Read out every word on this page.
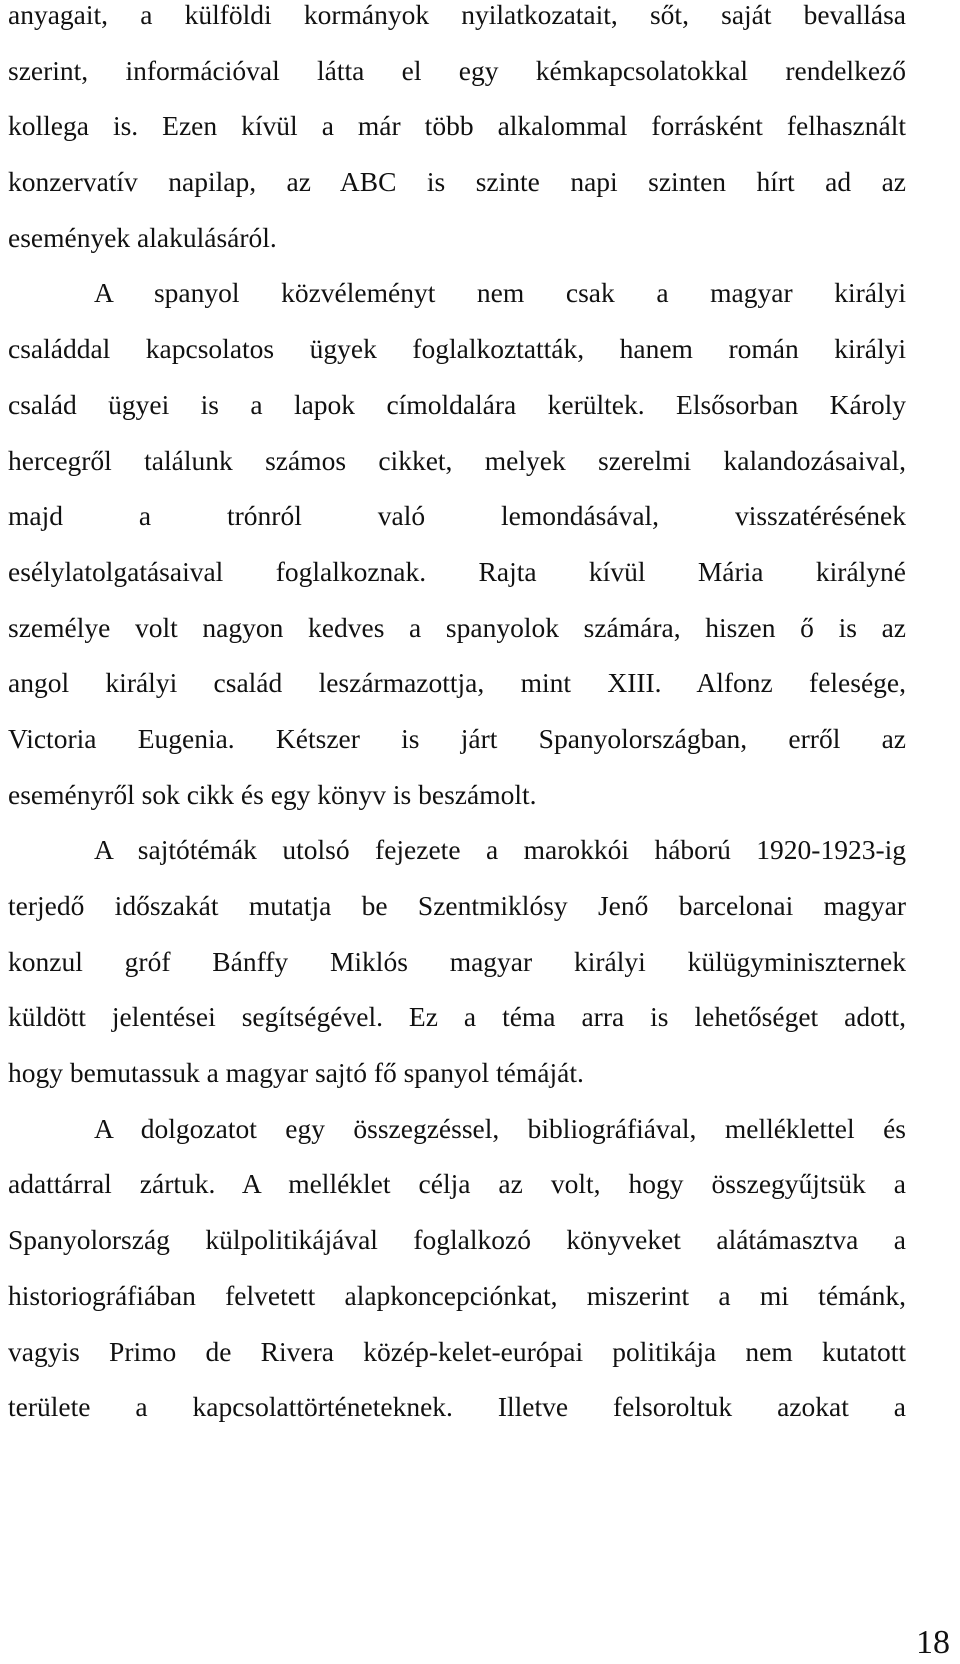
anyagait, a külföldi kormányok nyilatkozatait, sőt, saját bevallása
szerint, információval látta el egy kémkapcsolatokkal rendelkező
kollega is. Ezen kívül a már több alkalommal forrásként felhasznált
konzervatív napilap, az ABC is szinte napi szinten hírt ad az
események alakulásáról.
A spanyol közvéleményt nem csak a magyar királyi
családdal kapcsolatos ügyek foglalkoztatták, hanem román királyi
család ügyei is a lapok címoldalára kerültek. Elsősorban Károly
hercegről találunk számos cikket, melyek szerelmi kalandozásaival,
majd a trónról való lemondásával, visszatérésének
esélylatolgatásaival foglalkoznak. Rajta kívül Mária királyné
személye volt nagyon kedves a spanyolok számára, hiszen ő is az
angol királyi család leszármazottja, mint XIII. Alfonz felesége,
Victoria Eugenia. Kétszer is járt Spanyolországban, erről az
eseményről sok cikk és egy könyv is beszámolt.
A sajtótémák utolsó fejezete a marokkói háború 1920-1923-ig
terjedő időszakát mutatja be Szentmiklósy Jenő barcelonai magyar
konzul gróf Bánffy Miklós magyar királyi külügyminiszternek
küldött jelentései segítségével. Ez a téma arra is lehetőséget adott,
hogy bemutassuk a magyar sajtó fő spanyol témáját.
A dolgozatot egy összegzéssel, bibliográfiával, melléklettel és
adattárral zártuk. A melléklet célja az volt, hogy összegyűjtsük a
Spanyolország külpolitikájával foglalkozó könyveket alátámasztva a
historiográfiában felvetett alapkoncepciónkat, miszerint a mi témánk,
vagyis Primo de Rivera közép-kelet-európai politikája nem kutatott
területe a kapcsolattörténeteknek. Illetve felsoroltuk azokat a
18
